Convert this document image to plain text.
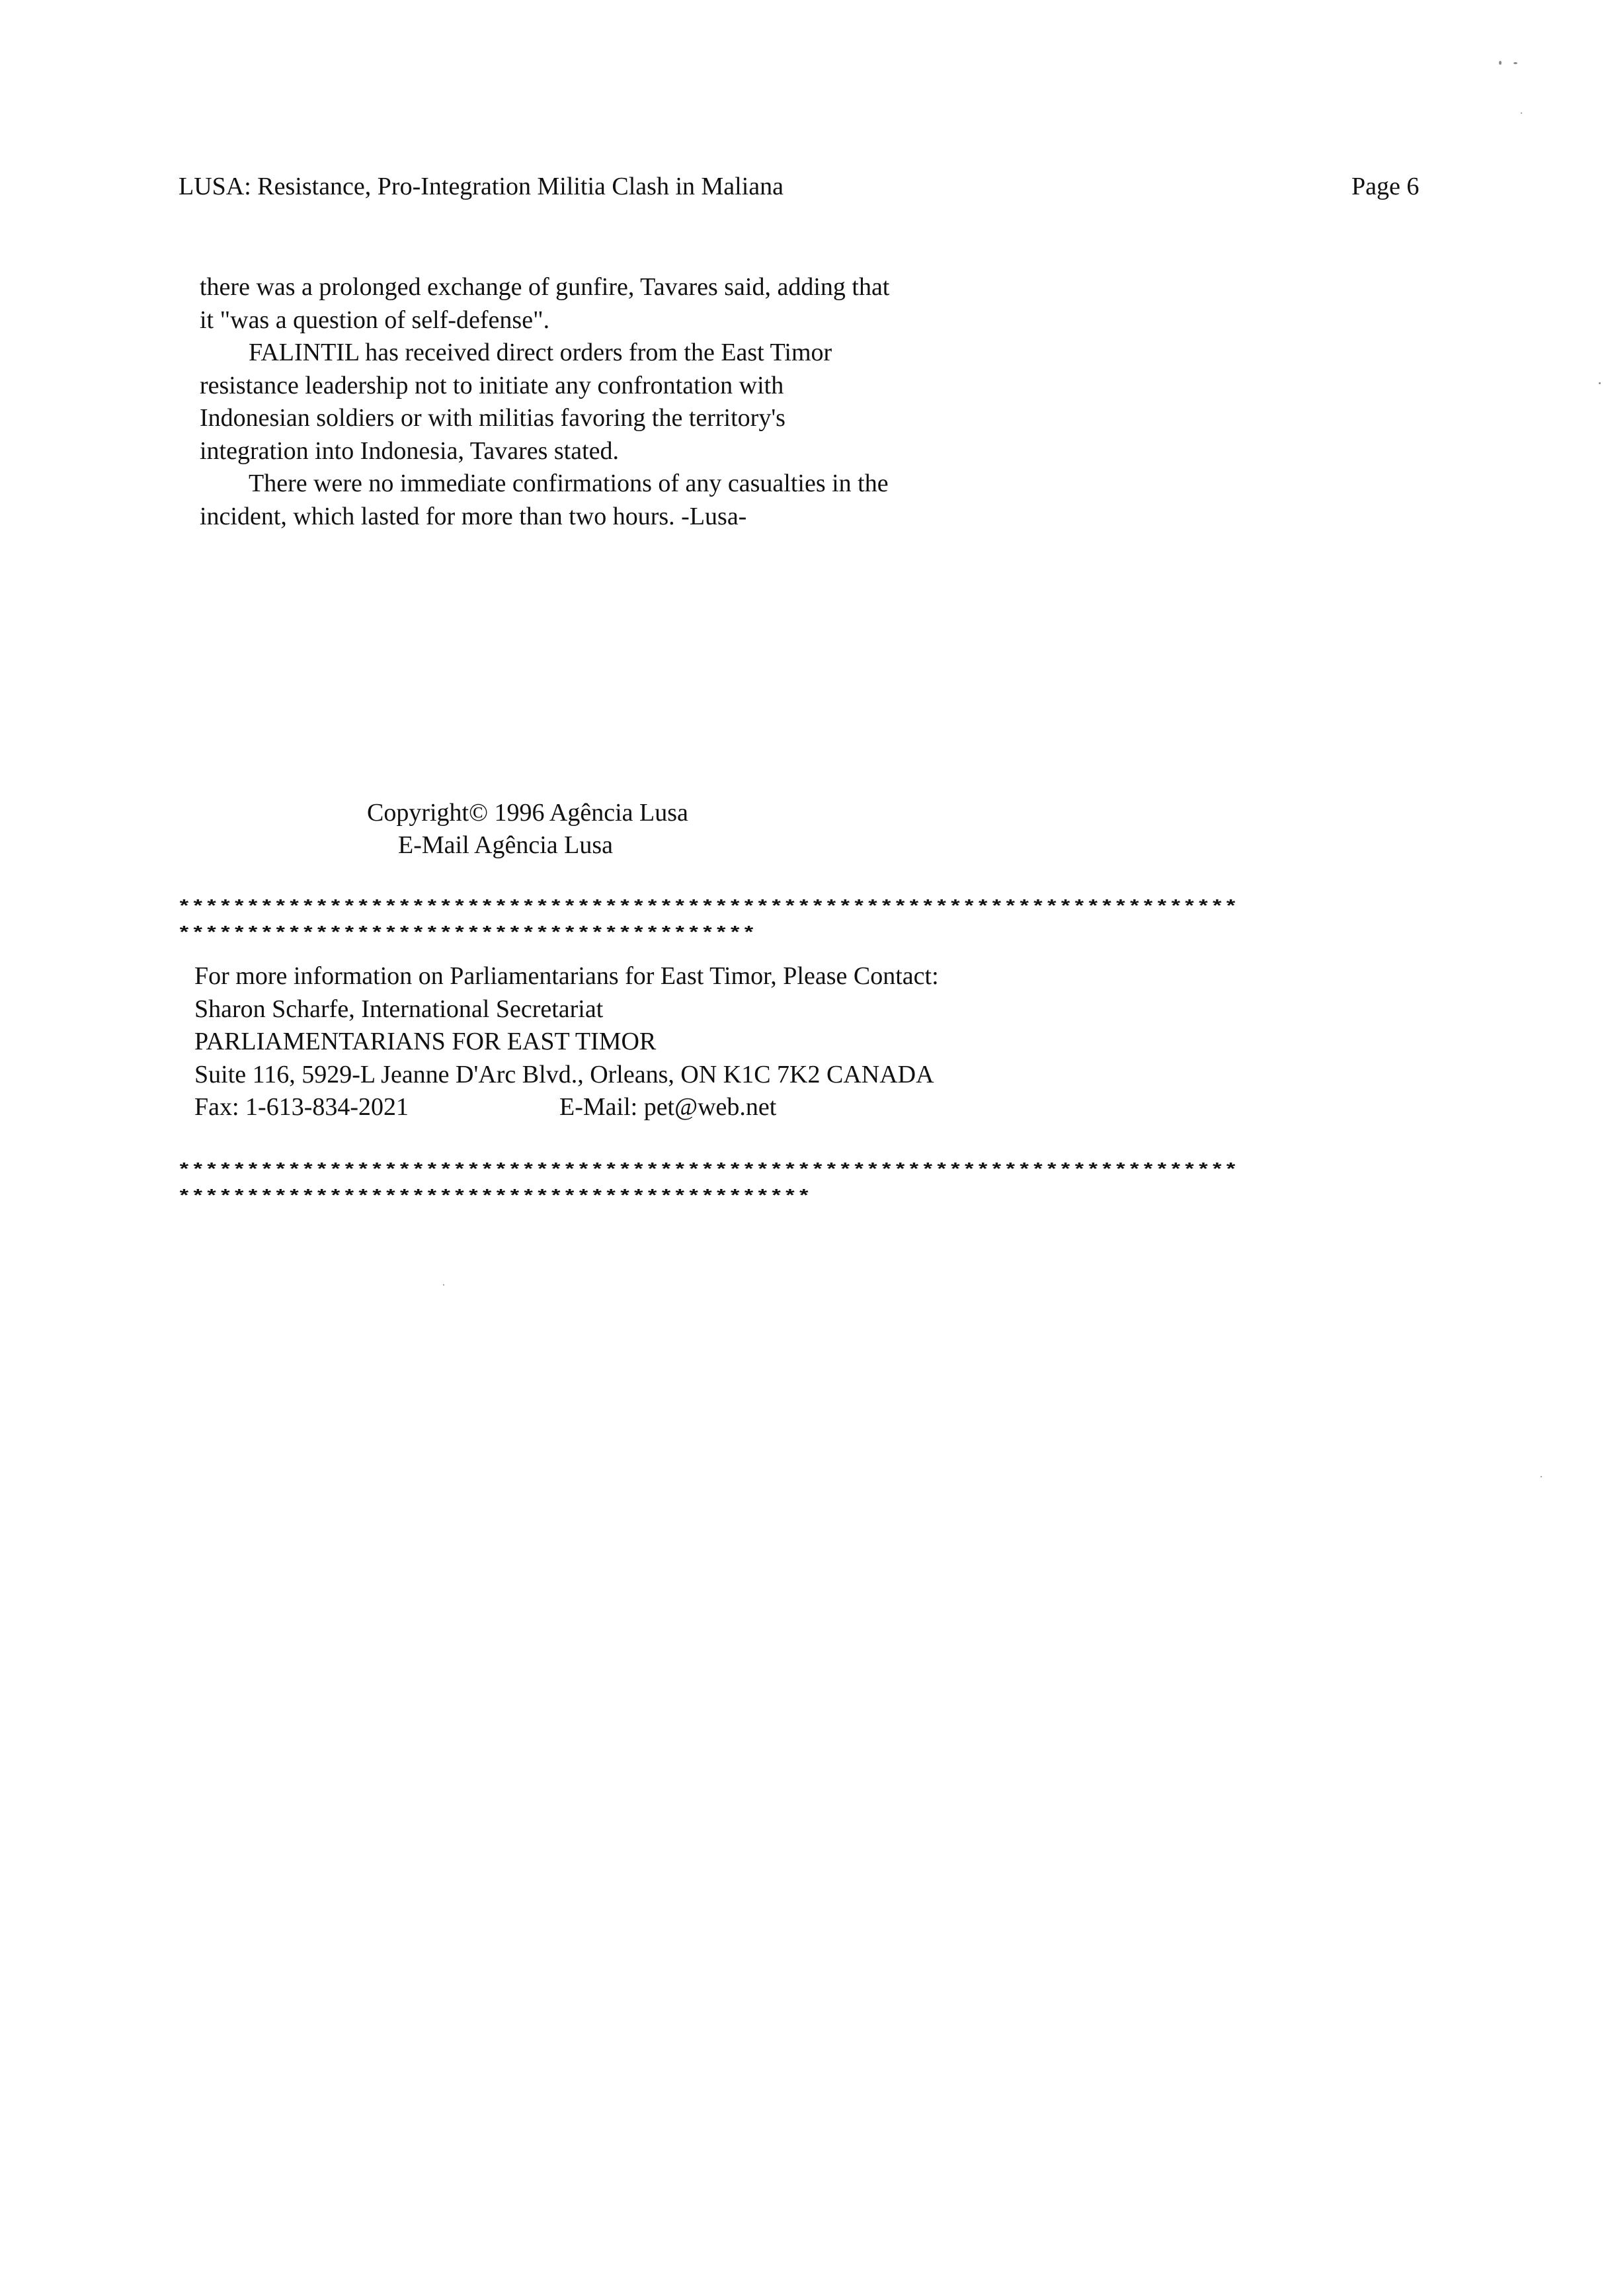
LUSA: Resistance, Pro-Integration Militia Clash in Maliana	Page 6
there was a prolonged exchange of gunfire, Tavares said, adding that
it "was a question of self-defense".
FALINTIL has received direct orders from the East Timor
resistance leadership not to initiate any confrontation with
Indonesian soldiers or with militias favoring the territory's
integration into Indonesia, Tavares stated.
There were no immediate confirmations of any casualties in the
incident, which lasted for more than two hours. -Lusa-
Copyright© 1996 Agência Lusa
E-Mail Agência Lusa
*****************************************************************************
******************************************
For more information on Parliamentarians for East Timor, Please Contact:
Sharon Scharfe, International Secretariat
PARLIAMENTARIANS FOR EAST TIMOR
Suite 116, 5929-L Jeanne D'Arc Blvd., Orleans, ON K1C 7K2 CANADA
Fax: 1-613-834-2021	E-Mail: pet@web.net
*****************************************************************************
**********************************************
